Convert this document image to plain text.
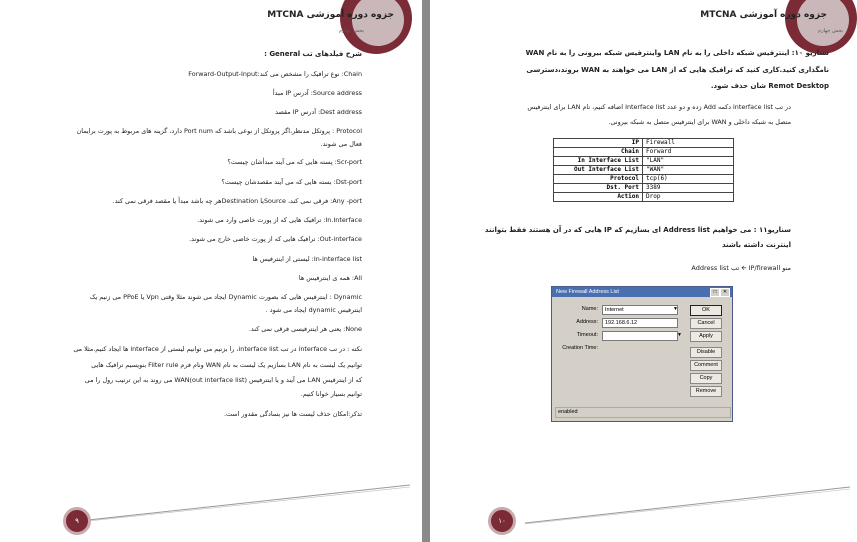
جزوه دوره آموزشی MTCNA
بخش چهارم
شرح فیلدهای تب General :
Chain: نوع ترافیک را مشخص می کند:Forward-Output-Input
Source address: آدرس IP مبدأ
Dest address: آدرس IP مقصد
Protocol : پروتکل مدنظر،اگر پروتکل از نوعی باشد که Port num دارد، گزینه های مربوط به پورت برایمان
فعال می شوند.
Scr-port: پسته هایی که می آیند مبدأشان چیست؟
Dst-port: بسته هایی که می آیند مقصدشان چیست؟
Any -port: فرقی نمی کند، Sourceیا Destinationهر چه باشد مبدأ یا مقصد فرقی نمی کند.
In.Interface: ترافیک هایی که از پورت خاصی وارد می شوند.
Out-interface: ترافیک هایی که از پورت خاصی خارج می شوند.
In-interface list: لیستی از اینترفیس ها
All: همه ی اینترفیس ها
Dynamic : اینترفیس هایی که بصورت Dynamic ایجاد می شوند مثلا وقتی Vpn یا PPoE می زنیم یک
اینترفیس dynamic ایجاد می شود .
None: یعنی هر اینترفیسی فرقی نمی کند.
نکته : در تب interface در تب interface list، را بزنیم می توانیم لیستی از interface ها ایجاد کنیم.مثلا می
توانیم یک لیست به نام LAN بسازیم یک لیست به نام WAN ونام فرم Filter rule بنویسیم ترافیک هایی
که از اینترفیس LAN می آیند و یا اینترفیس (out interface list)WAN می روند به این ترتیب رول را می
توانیم بسیار خوانا کنیم.
تذکر:امکان حذف لیست ها نیز بسادگی مقدور است.
۹
جزوه دوره آموزشی MTCNA
بخش چهارم
سناریو ۱۰: اینترفیس شبکه داخلی را به نام LAN واینترفیس شبکه بیرونی را به نام WAN
نامگذاری کنید.کاری کنید که ترافیک هایی که از LAN می خواهند به WAN بروند،دسترسی
Remot Desktop شان حذف شود.
در تب interface list دکمه Add زده و دو عدد Interface list اضافه کنیم، نام LAN برای اینترفیس
متصل به شبکه داخلی و WAN برای اینترفیس متصل به شبکه بیرونی.
IP	Firewall
Chain	Forward
In Interface List	"LAN"
Out Interface List	"WAN"
Protocol	tcp(6)
Dst. Port	3389
Action	Drop
سناریو۱۱ : می خواهیم Address list ای بسازیم که IP هایی که در آن هستند فقط بتوانند
اینترنت داشته باشند
منو IP/firewall 🡨 تب Address list
New Firewall Address List	□	✕
Name:	Internet	▼
Address:	192.168.6.12
Timeout:	▼
Creation Time:
OK
Cancel
Apply
Disable
Comment
Copy
Remove
enabled
۱۰
